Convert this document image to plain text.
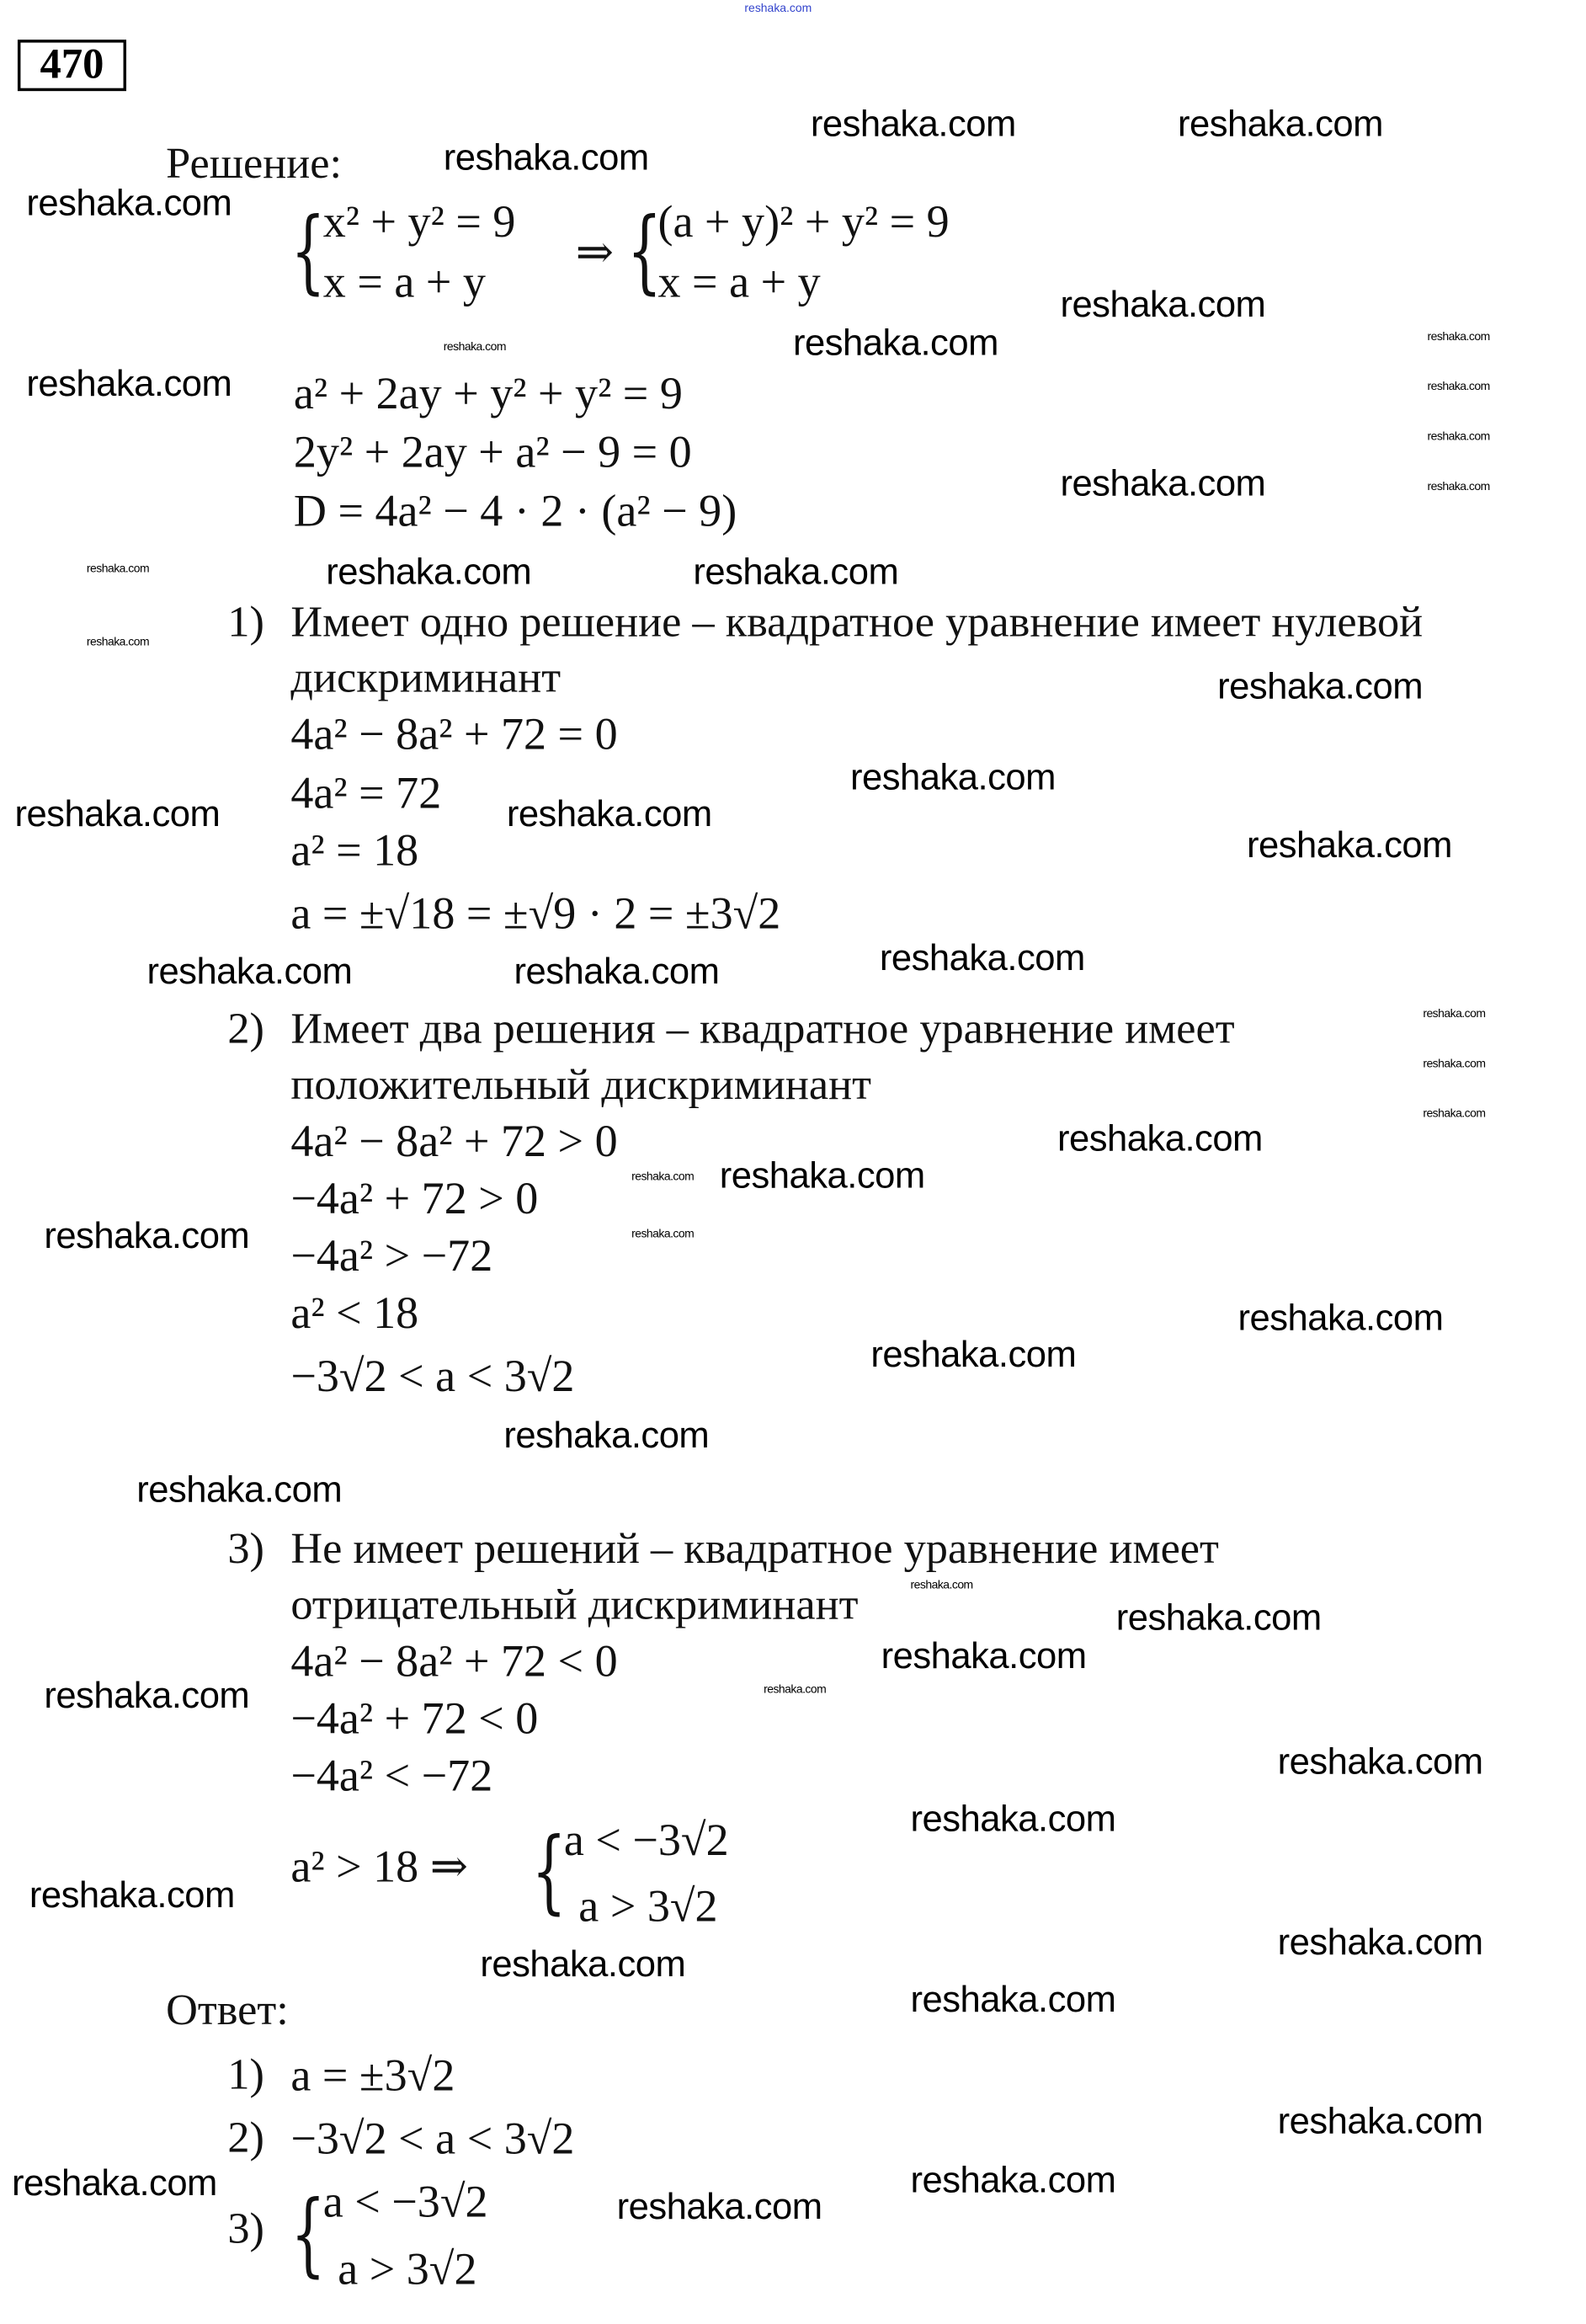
reshaka.com
470
Решение:
{
x² + y² = 9
x = a + y
⇒ {
(a + y)² + y² = 9
x = a + y
a² + 2ay + y² + y² = 9
2y² + 2ay + a² − 9 = 0
D = 4a² − 4 · 2 · (a² − 9)
1) Имеет одно решение – квадратное уравнение имеет нулевой
дискриминант
4a² − 8a² + 72 = 0
4a² = 72
a² = 18
a = ±√18 = ±√9 · 2 = ±3√2
2) Имеет два решения – квадратное уравнение имеет
положительный дискриминант
4a² − 8a² + 72 > 0
−4a² + 72 > 0
−4a² > −72
a² < 18
−3√2 < a < 3√2
3) Не имеет решений – квадратное уравнение имеет
отрицательный дискриминант
4a² − 8a² + 72 < 0
−4a² + 72 < 0
−4a² < −72
a² > 18 ⇒ {
a < −3√2
a > 3√2
Ответ:
1) a = ±3√2
2) −3√2 < a < 3√2
3) {
a < −3√2
a > 3√2
reshaka.com	reshaka.com
reshaka.com
reshaka.com
reshaka.com
reshaka.com
reshaka.com
reshaka.com
reshaka.com	reshaka.com
reshaka.com
reshaka.com
reshaka.com	reshaka.com
reshaka.com
reshaka.com
reshaka.com	reshaka.com
reshaka.com
reshaka.com
reshaka.com
reshaka.com
reshaka.com
reshaka.com
reshaka.com
reshaka.com
reshaka.com
reshaka.com
reshaka.com
reshaka.com
reshaka.com
reshaka.com
reshaka.com
reshaka.com
reshaka.com
reshaka.com
reshaka.com
reshaka.com
reshaka.com
reshaka.com
reshaka.com
reshaka.com
reshaka.com
reshaka.com
reshaka.com
reshaka.com
reshaka.com
reshaka.com
reshaka.com
reshaka.com
reshaka.com
reshaka.com
